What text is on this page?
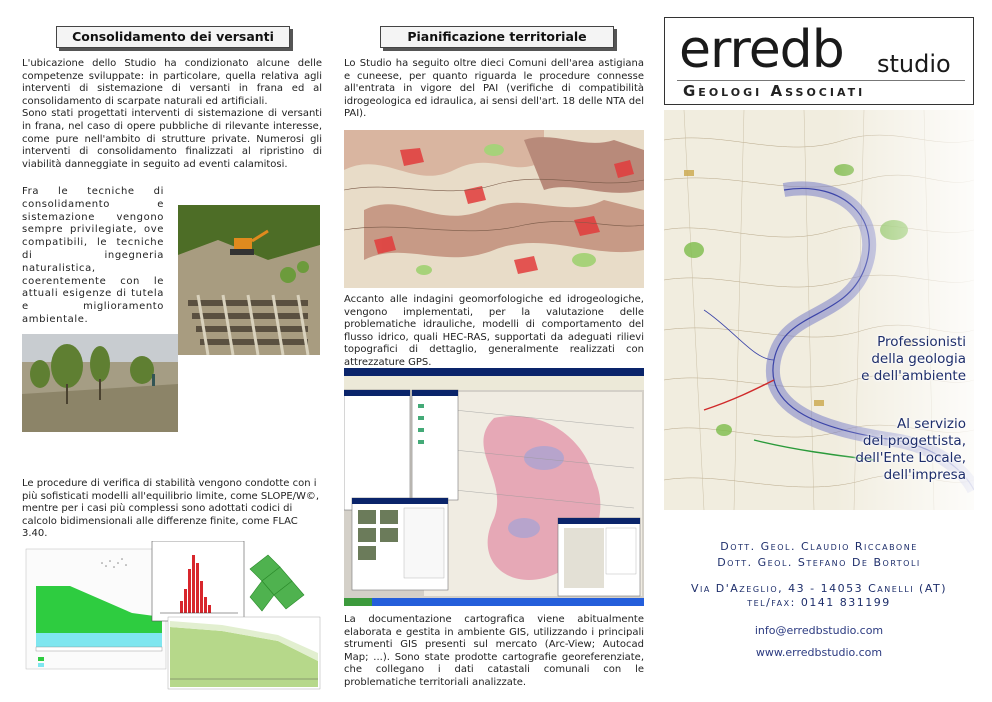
Consolidamento dei versanti
L'ubicazione dello Studio ha condizionato alcune delle competenze sviluppate: in particolare, quella relativa agli interventi di sistemazione di versanti in frana ed al consolidamento di scarpate naturali ed artificiali.
Sono stati progettati interventi di sistemazione di versanti in frana, nel caso di opere pubbliche di rilevante interesse, come pure nell'ambito di strutture private. Numerosi gli interventi di consolidamento finalizzati al ripristino di viabilità danneggiate in seguito ad eventi calamitosi.
Fra le tecniche di consolidamento e sistemazione vengono sempre privilegiate, ove compatibili, le tecniche di ingegneria naturalistica, coerentemente con le attuali esigenze di tutela e miglioramento ambientale.
Le procedure di verifica di stabilità vengono condotte con i più sofisticati modelli all'equilibrio limite, come SLOPE/W©, mentre per i casi più complessi sono adottati codici di calcolo bidimensionali alle differenze finite, come FLAC 3.40.
Pianificazione territoriale
Lo Studio ha seguito oltre dieci Comuni dell'area astigiana e cuneese, per quanto riguarda le procedure connesse all'entrata in vigore del PAI (verifiche di compatibilità idrogeologica ed idraulica, ai sensi dell'art. 18 delle NTA del PAI).
Accanto alle indagini geomorfologiche ed idrogeologiche, vengono implementati, per la valutazione delle problematiche idrauliche, modelli di comportamento del flusso idrico, quali HEC-RAS, supportati da adeguati rilievi topografici di dettaglio, generalmente realizzati con attrezzature GPS.
La documentazione cartografica viene abitualmente elaborata e gestita in ambiente GIS, utilizzando i principali strumenti GIS presenti sul mercato (Arc-View; Autocad Map; ...). Sono state prodotte cartografie georeferenziate, che collegano i dati catastali comunali con le problematiche territoriali analizzate.
erredb studio
Geologi Associati
Professionisti
della geologia
e dell'ambiente
Al servizio
del progettista,
dell'Ente Locale,
dell'impresa
Dott. Geol. Claudio Riccabone
Dott. Geol. Stefano De Bortoli
Via D'Azeglio, 43 - 14053 Canelli (AT)
tel/fax: 0141 831199
info@erredbstudio.com
www.erredbstudio.com
